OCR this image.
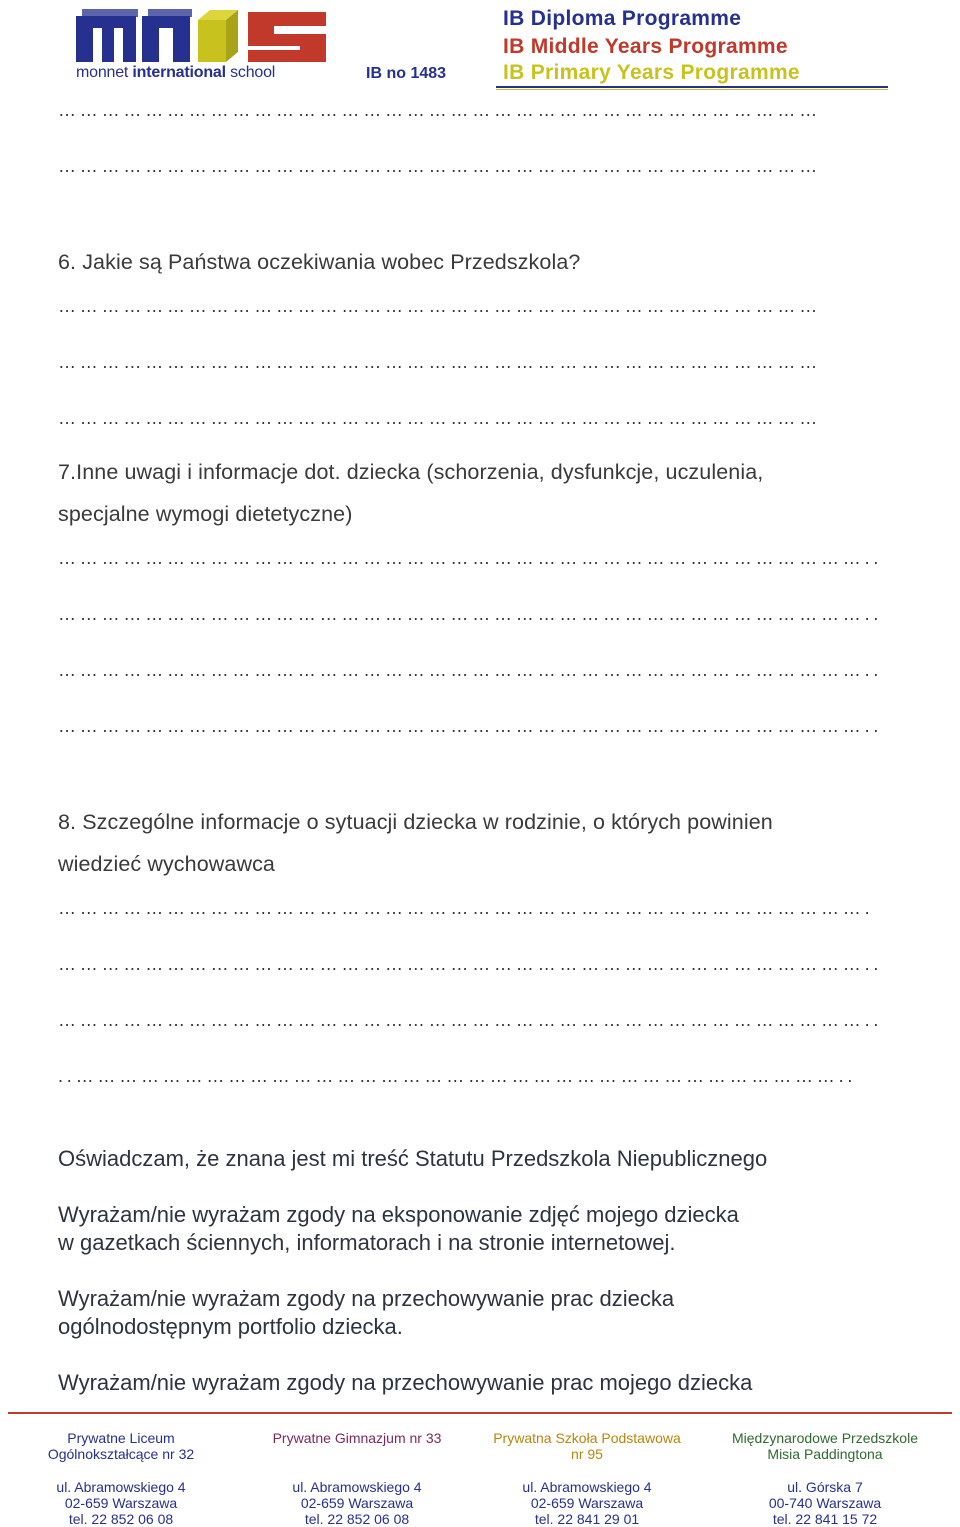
monnet international school	IB no 1483
IB Diploma Programme
IB Middle Years Programme
IB Primary Years Programme
……………………………………………………………………………………………
……………………………………………………………………………………………
6. Jakie są Państwa oczekiwania wobec Przedszkola?
……………………………………………………………………………………………
……………………………………………………………………………………………
……………………………………………………………………………………………
7.Inne uwagi i informacje dot. dziecka (schorzenia, dysfunkcje, uczulenia,
specjalne wymogi dietetyczne)
…………………………………………………………………………………………………..
…………………………………………………………………………………………………..
…………………………………………………………………………………………………..
…………………………………………………………………………………………………..
8. Szczególne informacje o sytuacji dziecka w rodzinie, o których powinien
wiedzieć wychowawca
………………………………………………………………………………………………….
…………………………………………………………………………………………………..
…………………………………………………………………………………………………..
..……………………………………………………………………………………………..
Oświadczam, że znana jest mi treść Statutu Przedszkola Niepublicznego
Wyrażam/nie wyrażam zgody na eksponowanie zdjęć mojego dziecka
w gazetkach ściennych, informatorach i na stronie internetowej.
Wyrażam/nie wyrażam zgody na przechowywanie prac dziecka
ogólnodostępnym portfolio dziecka.
Wyrażam/nie wyrażam zgody na przechowywanie prac mojego dziecka
Prywatne Liceum
Ogólnokształcące nr 32
Prywatne Gimnazjum nr 33	Prywatna Szkoła Podstawowa
nr 95
Międzynarodowe Przedszkole
Misia Paddingtona
ul. Abramowskiego 4
02-659 Warszawa
tel. 22 852 06 08
ul. Abramowskiego 4
02-659 Warszawa
tel. 22 852 06 08
ul. Abramowskiego 4
02-659 Warszawa
tel. 22 841 29 01
ul. Górska 7
00-740 Warszawa
tel. 22 841 15 72
